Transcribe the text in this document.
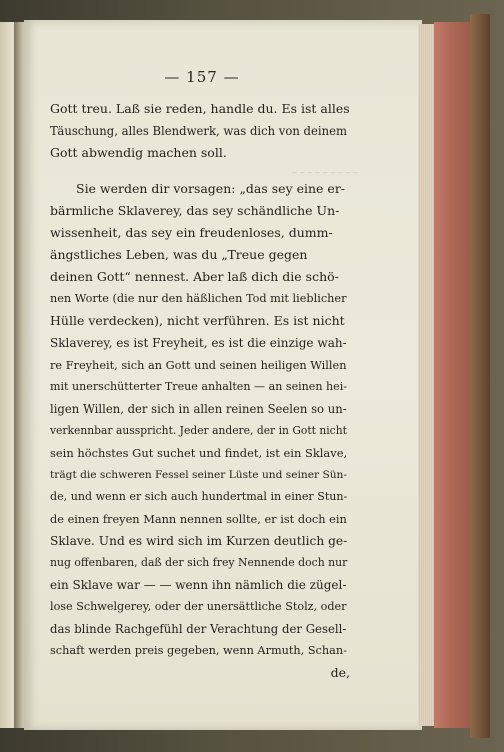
‒ ‒ ‒ ‒ ‒ ‒ ‒ ‒ ‒
— 157 —
Gott treu. Laß sie reden, handle du. Es ist alles
Täuschung, alles Blendwerk, was dich von deinem
Gott abwendig machen soll.
Sie werden dir vorsagen: „das sey eine er-
bärmliche Sklaverey, das sey schändliche Un-
wissenheit, das sey ein freudenloses, dumm-
ängstliches Leben, was du „Treue gegen
deinen Gott“ nennest. Aber laß dich die schö-
nen Worte (die nur den häßlichen Tod mit lieblicher
Hülle verdecken), nicht verführen. Es ist nicht
Sklaverey, es ist Freyheit, es ist die einzige wah-
re Freyheit, sich an Gott und seinen heiligen Willen
mit unerschütterter Treue anhalten — an seinen hei-
ligen Willen, der sich in allen reinen Seelen so un-
verkennbar ausspricht. Jeder andere, der in Gott nicht
sein höchstes Gut suchet und findet, ist ein Sklave,
trägt die schweren Fessel seiner Lüste und seiner Sün-
de, und wenn er sich auch hundertmal in einer Stun-
de einen freyen Mann nennen sollte, er ist doch ein
Sklave. Und es wird sich im Kurzen deutlich ge-
nug offenbaren, daß der sich frey Nennende doch nur
ein Sklave war — — wenn ihn nämlich die zügel-
lose Schwelgerey, oder der unersättliche Stolz, oder
das blinde Rachgefühl der Verachtung der Gesell-
schaft werden preis gegeben, wenn Armuth, Schan-
de,
